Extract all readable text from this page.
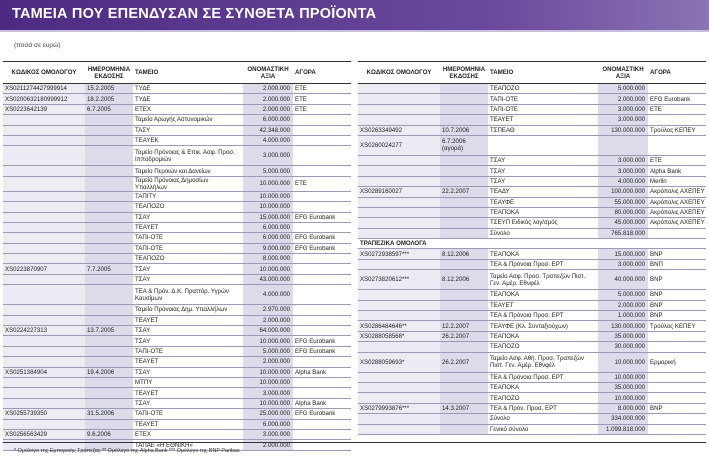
ΤΑΜΕΙΑ ΠΟΥ ΕΠΕΝΔΥΣΑΝ ΣΕ ΣΥΝΘΕΤΑ ΠΡΟΪΟΝΤΑ
(ποσά σε ευρώ)
ΚΩΔΙΚΟΣ ΟΜΟΛΟΓΟΥ	ΗΜΕΡΟΜΗΝΙΑ ΕΚΔΟΣΗΣ	ΤΑΜΕΙΟ	ΟΝΟΜΑΣΤΙΚΗ ΑΞΙΑ	ΑΓΟΡΑ
XS0211274427999914	15.2.2005	ΤΥΔΕ	2.000.000	ΕΤΕ
XS0200632180999912	18.2.2005	ΤΥΔΕ	2.000.000	ΕΤΕ
XS0223642139	6.7.2005	ΕΤΕΧ	2.000.000	ΕΤΕ
		Ταμείο Αρωγής Αστυνομικών	6.000.000	
		ΤΑΣΥ	42.348.000	
		ΤΕΑΥΕΚ	4.000.000	
		Ταμείο Πρόνοιας & Επικ. Ασφ. Προσ. Ιπποδρομιών	3.000.000	
		Ταμείο Περ/κών και Δανείων	5.000.000	
		Ταμείο Πρόνοιας Δημοσίων Υπαλλήλων	10.000.000	ΕΤΕ
		ΤΑΠΙΤΥ	10.000.000	
		ΤΕΑΠΟΖΟ	10.000.000	
		ΤΣΑΥ	15.000.000	EFG Eurobank
		ΤΕΑΥΕΤ	6.000.000	
		ΤΑΠΙ-ΟΤΕ	6.000.000	EFG Eurobank
		ΤΑΠΙ-ΟΤΕ	9.000.000	EFG Eurobank
		ΤΕΑΠΟΖΟ	8.000.000	
XS0223870907	7.7.2005	ΤΣΑΥ	10.000.000	
		ΤΣΑΥ	43.000.000	
		ΤΕΑ & Πρόν. Δ.Κ. Πραττόρ. Υγρών Καυσίμων	4.000.000	
		Ταμείο Πρόνοιας Δημ. Υπαλλήλων	2.970.000	
		ΤΕΑΥΕΤ	2.000.000	
XS0224227313	13.7.2005	ΤΣΑΥ	64.000.000	
		ΤΣΑΥ	10.000.000	EFG Eurobank
		ΤΑΠΙ-ΟΤΕ	5.000.000	EFG Eurobank
		ΤΕΑΥΕΤ	2.000.000	
XS0251384904	19.4.2006	ΤΣΑΥ	10.000.000	Alpha Bank
		ΜΤΠΥ	10.000.000	
		ΤΕΑΥΕΤ	3.000.000	
		ΤΣΑΥ	10.000.000	Alpha Bank
XS0255739350	31.5.2006	ΤΑΠΙ-ΟΤΕ	25.000.000	EFG Eurobank
		ΤΕΑΥΕΤ	6.000.000	
XS0256563429	9.6.2006	ΕΤΕΧ	3.000.000	
		ΤΑΠΑΕ «Η ΕΘΝΙΚΗ»	2.000.000	
ΚΩΔΙΚΟΣ ΟΜΟΛΟΓΟΥ	ΗΜΕΡΟΜΗΝΙΑ ΕΚΔΟΣΗΣ	ΤΑΜΕΙΟ	ΟΝΟΜΑΣΤΙΚΗ ΑΞΙΑ	ΑΓΟΡΑ
		ΤΕΑΠΟΖΟ	5.000.000	
		ΤΑΠΙ-ΟΤΕ	2.000.000	EFG Eurobank
		ΤΑΠΙ-ΟΤΕ	3.000.000	ΕΤΕ
		ΤΕΑΥΕΤ	3.000.000	
XS0263349492	10.7.2006	ΤΣΠΕΑΘ	130.000.000	Τρούλος ΚΕΠΕΥ
XS0260024277	6.7.2006 (αγορά)			
		ΤΣΑΥ	3.000.000	ΕΤΕ
		ΤΣΑΥ	3.000.000	Alpha Bank
		ΤΣΑΥ	4.000.000	Merlin
XS0289160027	22.2.2007	ΤΕΑΔΥ	100.000.000	Ακρόπολις ΑΧΕΠΕΥ
		ΤΕΑΥΦΕ	55.000.000	Ακρόπολις ΑΧΕΠΕΥ
		ΤΕΑΠΟΚΑ	80.000.000	Ακρόπολις ΑΧΕΠΕΥ
		ΤΣΕΥΠ Ειδικός λογ/σμός	45.000.000	Ακρόπολις ΑΧΕΠΕΥ
		Σύνολο	765.818.000	
ΤΡΑΠΕΖΙΚΑ ΟΜΟΛΟΓΑ				
XS0272938597***	8.12.2006	ΤΕΑΠΟΚΑ	15.000.000	BNP
		ΤΕΑ & Πρόνοια Προσ. ΕΡΤ	3.000.000	ΒΝΠ
XS0273820612***	8.12.2006	Ταμείο Ασφ. Προσ. Τραπεζών Πιστ. Γεν. Αμέρ. Εθνφέλ	40.000.000	BNP
		ΤΕΑΠΟΚΑ	5.000.000	BNP
		ΤΕΑΥΕΤ	2.000.000	BNP
		ΤΕΑ & Πρόνοια Προσ. ΕΡΤ	1.000.000	BNP
XS0286484646**	12.2.2007	ΤΕΑΥΦΕ (Κλ. Συνταξιούχων)	130.000.000	Τρούλος ΚΕΠΕΥ
XS0288058568*	26.2.2007	ΤΕΑΠΟΚΑ	35.000.000	
		ΤΕΑΠΟΖΟ	30.000.000	
XS0288059693*	26.2.2007	Ταμείο Ασφ. Αθή. Προσ. Τραπεζών Πιστ. Γεν. Αμέρ. Εθνφέλ	10.000.000	Ερμορική
		ΤΕΑ & Πρόνοια Προσ. ΕΡΤ	10.000.000	
		ΤΕΑΠΟΚΑ	35.000.000	
		ΤΕΑΠΟΖΟ	10.000.000	
XS0279993876***	14.3.2007	ΤΕΑ & Πρόν. Προσ. ΕΡΤ	8.000.000	BNP
		Σύνολο	334.000.000	
		Γενικό σύνολο	1.099.818.000	
* Ομόλογο της Εμπορικής Τράπεζας ** Ομόλογο της Alpha Bank *** Ομόλογο της BNP Paribas
